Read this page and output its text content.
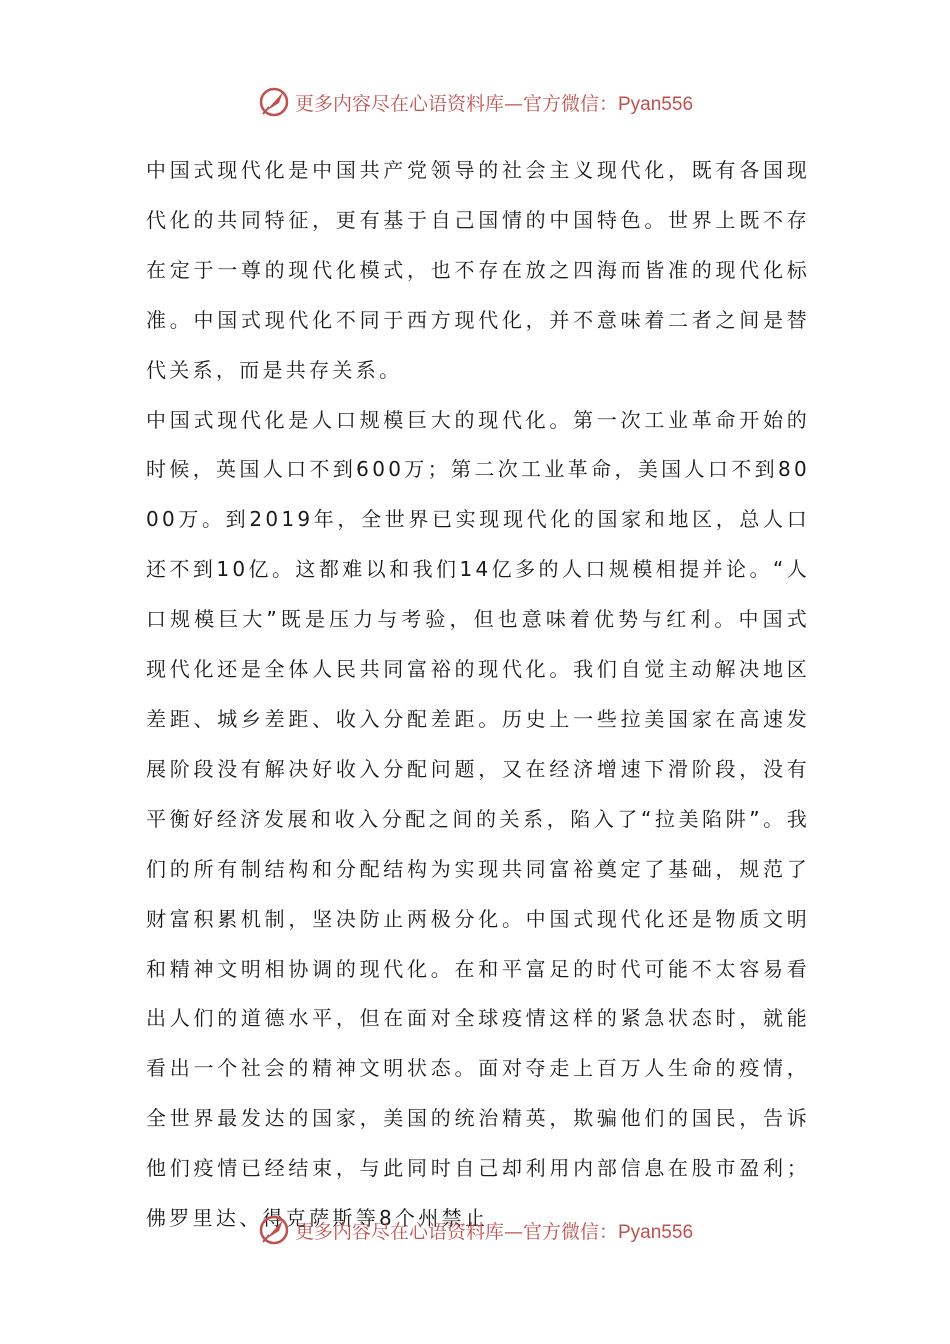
更多内容尽在心语资料库—官方微信： Pyan556

中国式现代化是中国共产党领导的社会主义现代化，既有各国现代化的共同特征，更有基于自己国情的中国特色。世界上既不存在定于一尊的现代化模式，也不存在放之四海而皆准的现代化标准。中国式现代化不同于西方现代化，并不意味着二者之间是替代关系，而是共存关系。

中国式现代化是人口规模巨大的现代化。第一次工业革命开始的时候，英国人口不到600万；第二次工业革命，美国人口不到8000万。到2019年，全世界已实现现代化的国家和地区，总人口还不到10亿。这都难以和我们14亿多的人口规模相提并论。“人口规模巨大”既是压力与考验，但也意味着优势与红利。中国式现代化还是全体人民共同富裕的现代化。我们自觉主动解决地区差距、城乡差距、收入分配差距。历史上一些拉美国家在高速发展阶段没有解决好收入分配问题，又在经济增速下滑阶段，没有平衡好经济发展和收入分配之间的关系，陷入了“拉美陷阱”。我们的所有制结构和分配结构为实现共同富裕奠定了基础，规范了财富积累机制，坚决防止两极分化。中国式现代化还是物质文明和精神文明相协调的现代化。在和平富足的时代可能不太容易看出人们的道德水平，但在面对全球疫情这样的紧急状态时，就能看出一个社会的精神文明状态。面对夺走上百万人生命的疫情，全世界最发达的国家，美国的统治精英，欺骗他们的国民，告诉他们疫情已经结束，与此同时自己却利用内部信息在股市盈利；佛罗里达、得克萨斯等8个州禁止

更多内容尽在心语资料库—官方微信： Pyan556
